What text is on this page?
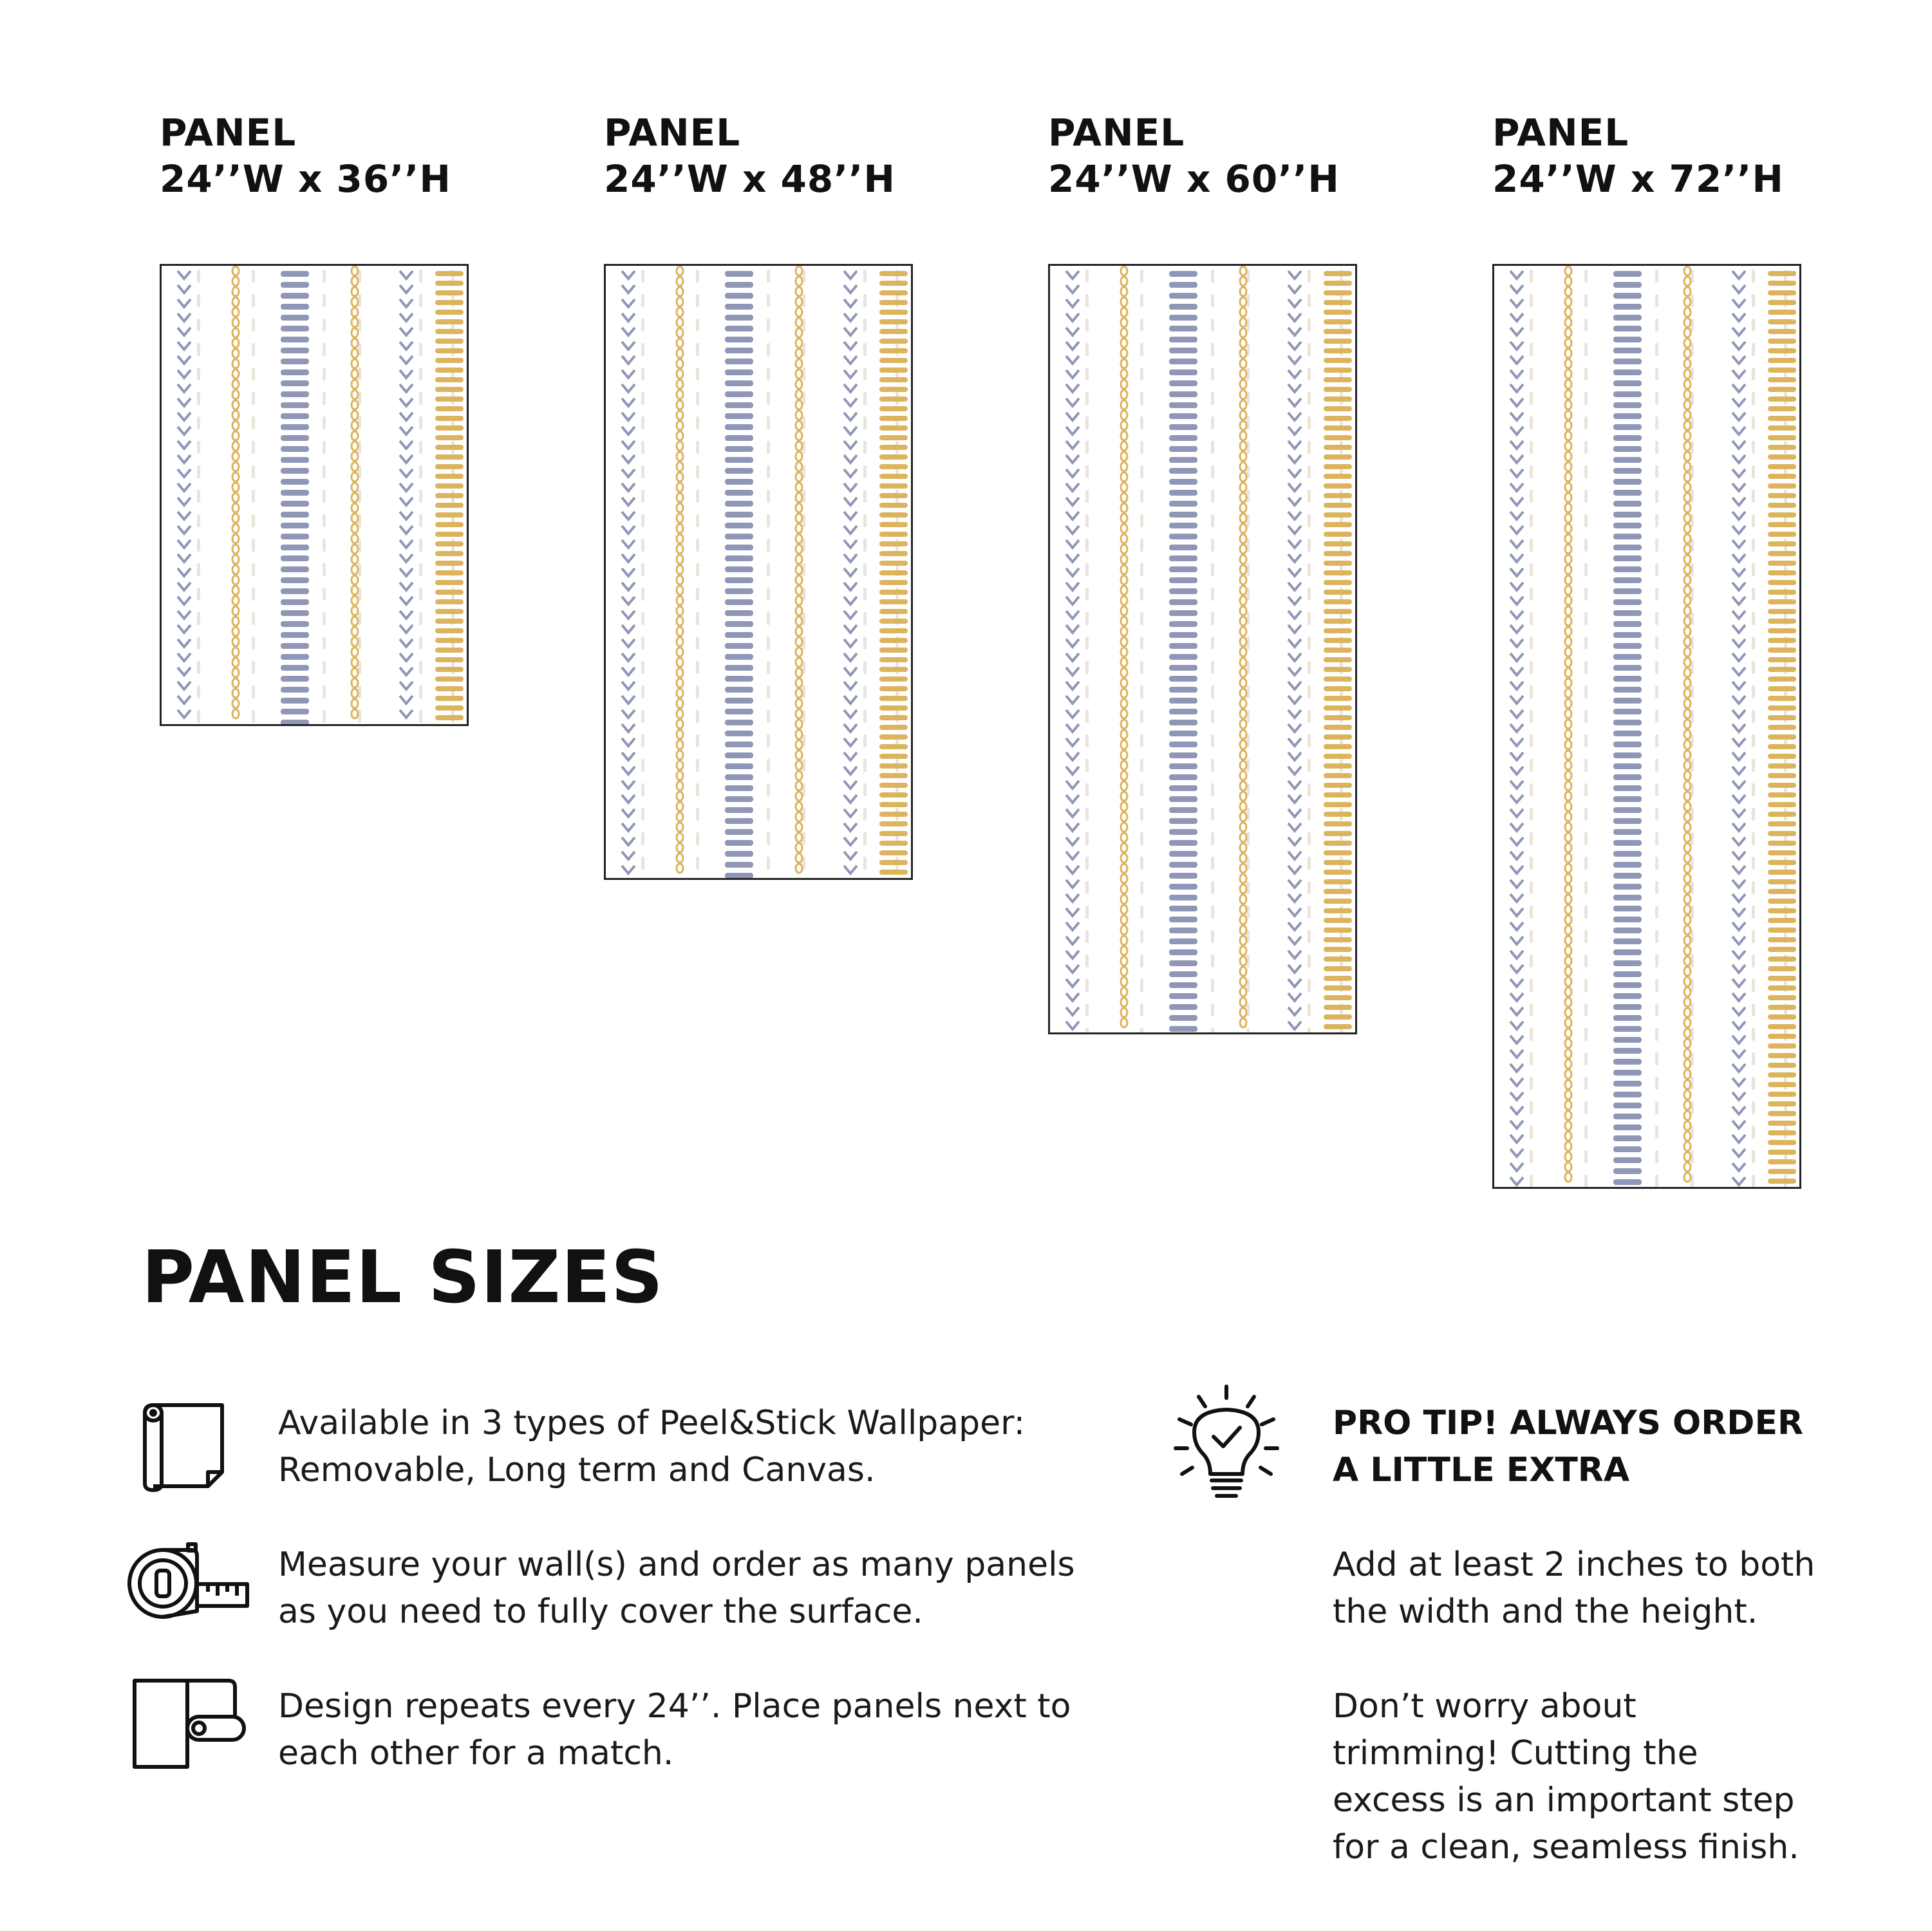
PANEL
24’’W x 36’’H
PANEL
24’’W x 48’’H
PANEL
24’’W x 60’’H
PANEL
24’’W x 72’’H
PANEL SIZES

Available in 3 types of Peel&Stick Wallpaper:
Removable, Long term and Canvas.

Measure your wall(s) and order as many panels
as you need to fully cover the surface.

Design repeats every 24’’. Place panels next to
each other for a match.

PRO TIP! ALWAYS ORDER
A LITTLE EXTRA

Add at least 2 inches to both
the width and the height.

Don’t worry about
trimming! Cutting the
excess is an important step
for a clean, seamless finish.
